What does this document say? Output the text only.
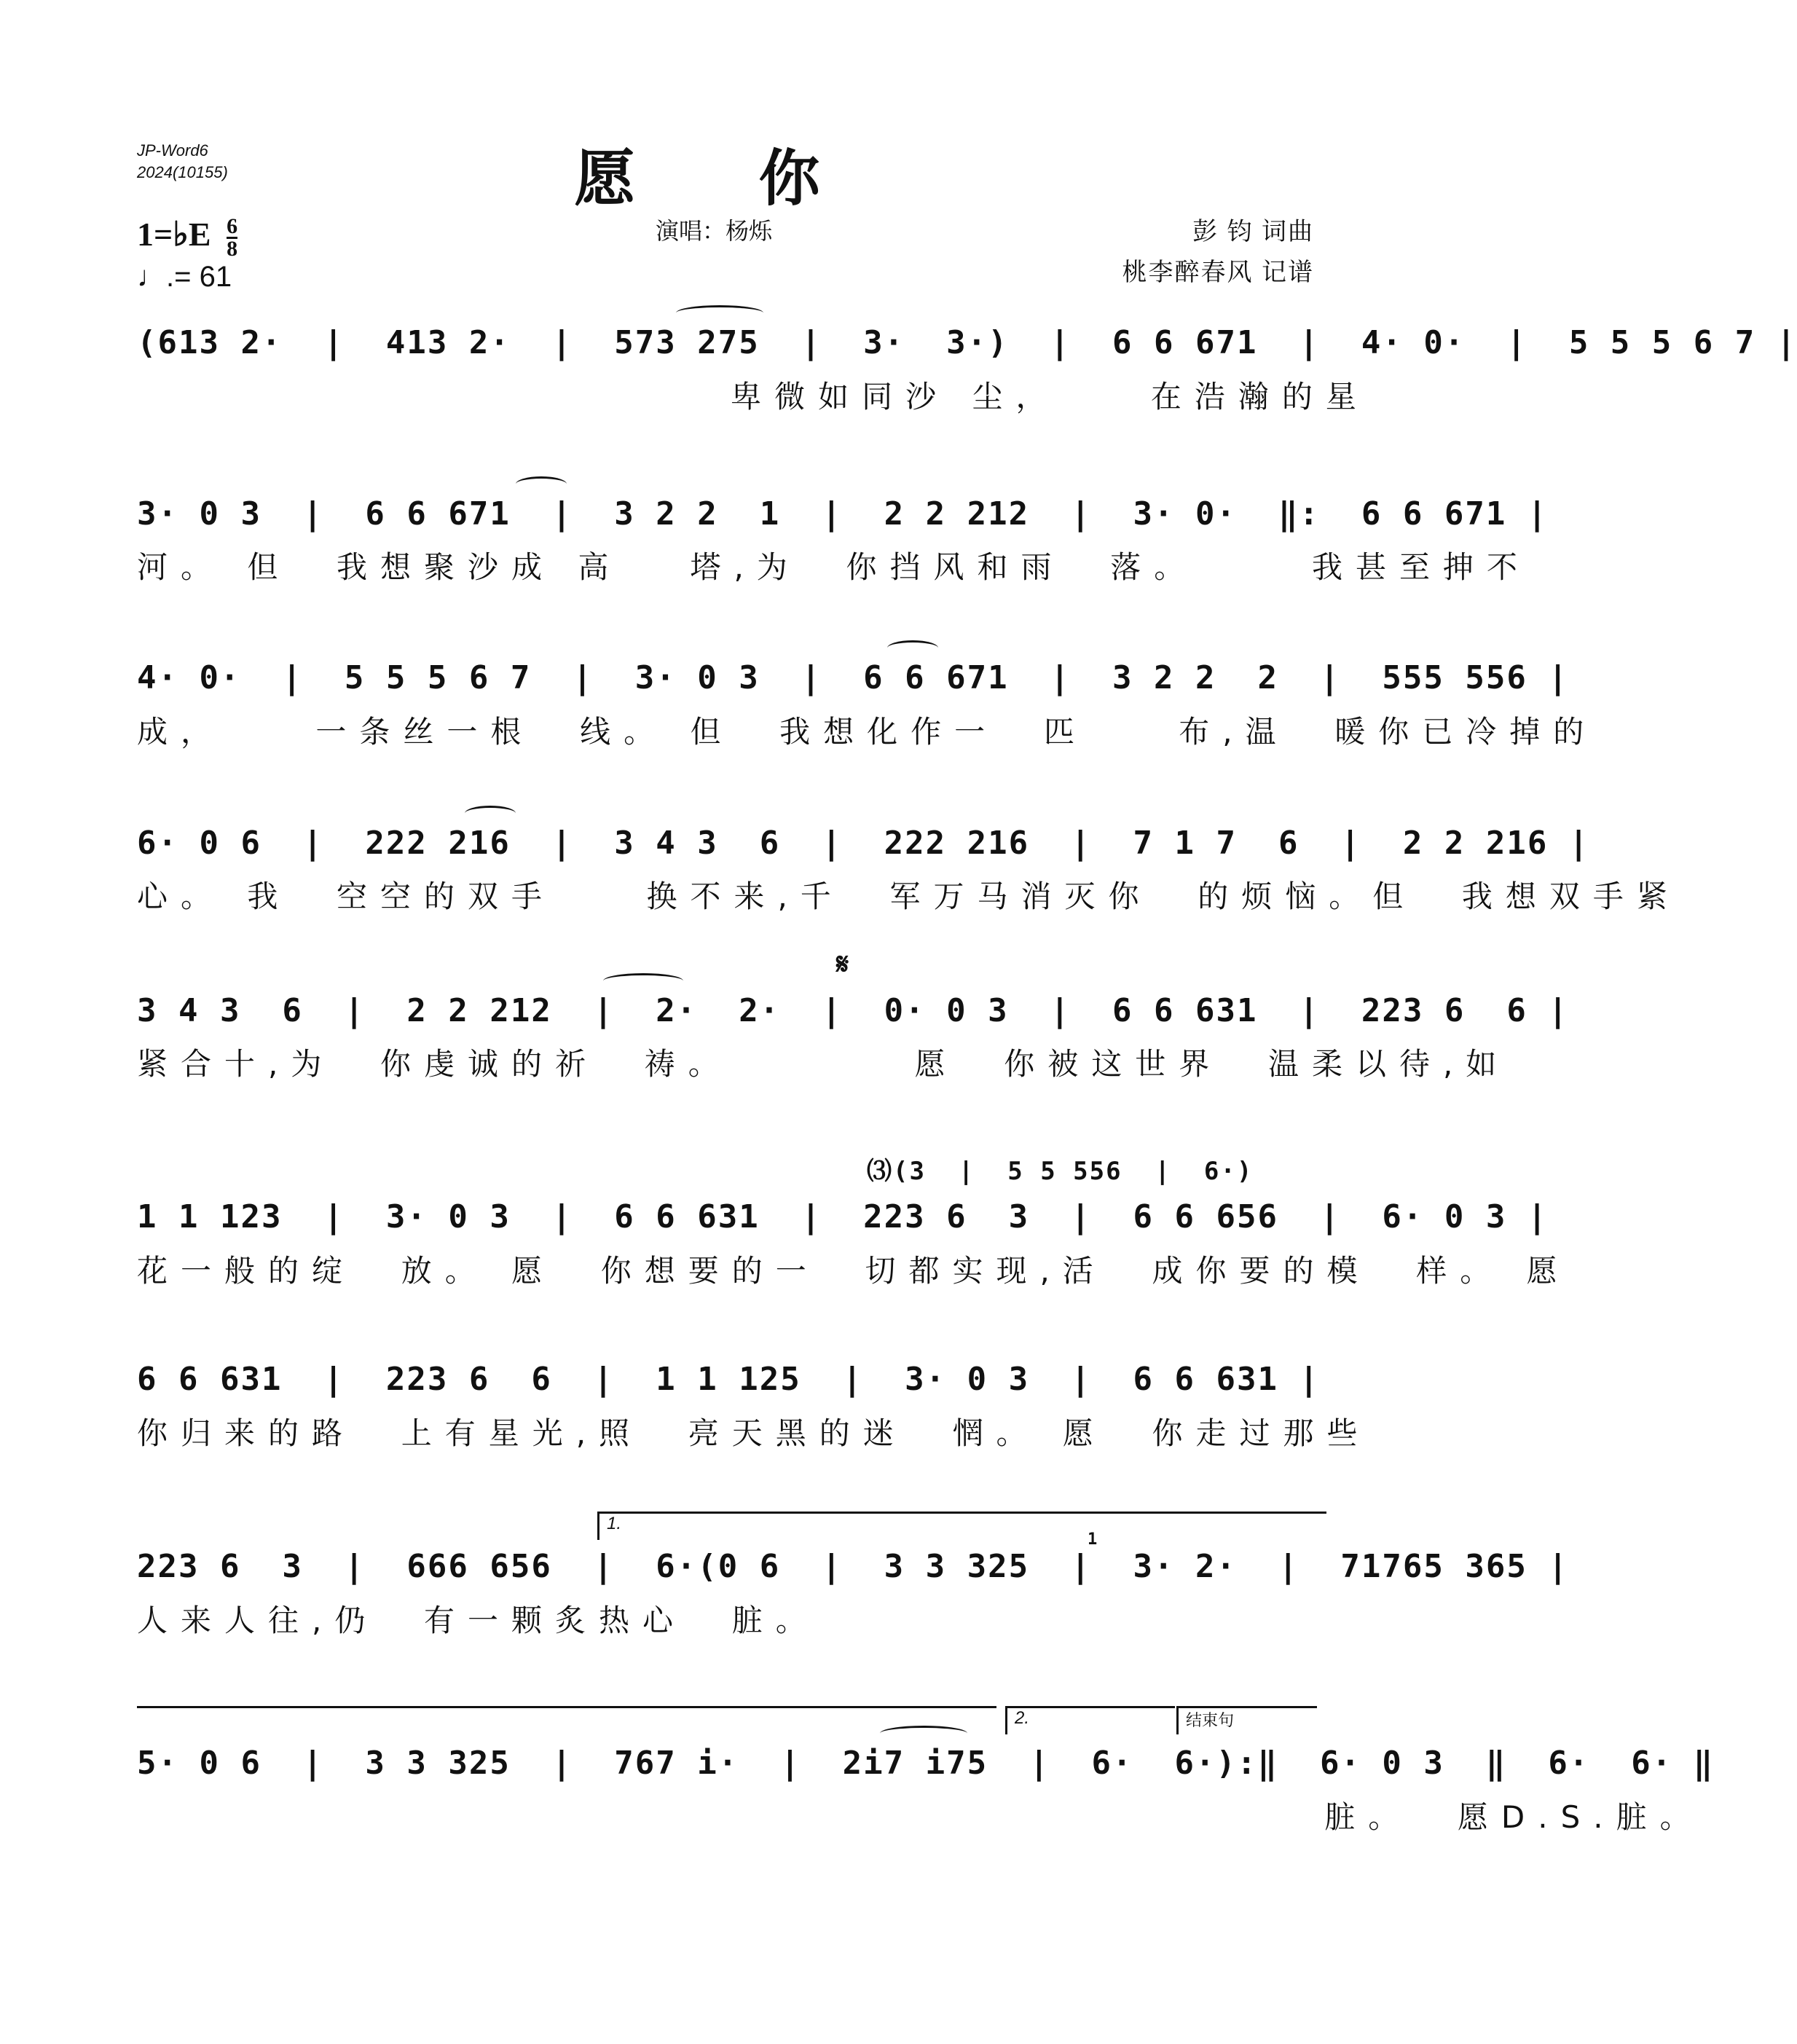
JP-Word6
2024(10155)	愿 你
演唱：杨烁	彭 钧 词曲
桃李醉春风 记谱
1=♭E $\frac{6}{8}$
♩.= 61
(613 2·  |  413 2·  |  573 275  |  3·  3·)  |  6 6 671  |  4· 0·  |  5 5 5 6 7 |
卑微如同沙 尘，    在浩瀚的星
3· 0 3  |  6 6 671  |  3 2 2  1  |  2 2 212  |  3· 0·  ‖:  6 6 671 |
河。 但  我想聚沙成 高   塔,为  你挡风和雨  落。     我甚至抻不
4· 0·  |  5 5 5 6 7  |  3· 0 3  |  6 6 671  |  3 2 2  2  |  555 556 |
成，    一条丝一根  线。 但  我想化作一  匹    布,温  暖你已冷掉的
6· 0 6  |  222 216  |  3 4 3  6  |  222 216  |  7 1 7  6  |  2 2 216 |
心。 我  空空的双手    换不来,千  军万马消灭你  的烦恼。但  我想双手紧
3 4 3  6  |  2 2 212  |  2·  2·  |  0· 0 3  |  6 6 631  |  223 6  6 |
𝄋
紧合十,为  你虔诚的祈  祷。        愿  你被这世界  温柔以待,如
⑶(3  |  5 5 556  |  6·)
1 1 123  |  3· 0 3  |  6 6 631  |  223 6  3  |  6 6 656  |  6· 0 3 |
花一般的绽  放。 愿  你想要的一  切都实现,活  成你要的模  样。 愿
6 6 631  |  223 6  6  |  1 1 125  |  3· 0 3  |  6 6 631 |
你归来的路  上有星光,照  亮天黑的迷  惘。 愿  你走过那些
1.
223 6  3  |  666 656  |  6·(0 6  |  3 3 325  |  3· 2·  |  71765 365 |
1
人来人往,仍  有一颗炙热心  脏。
2.	结束句
5· 0 6  |  3 3 325  |  767 i·  |  2i7 i75  |  6·  6·):‖  6· 0 3  ‖  6·  6· ‖
脏。  愿D.S.脏。
